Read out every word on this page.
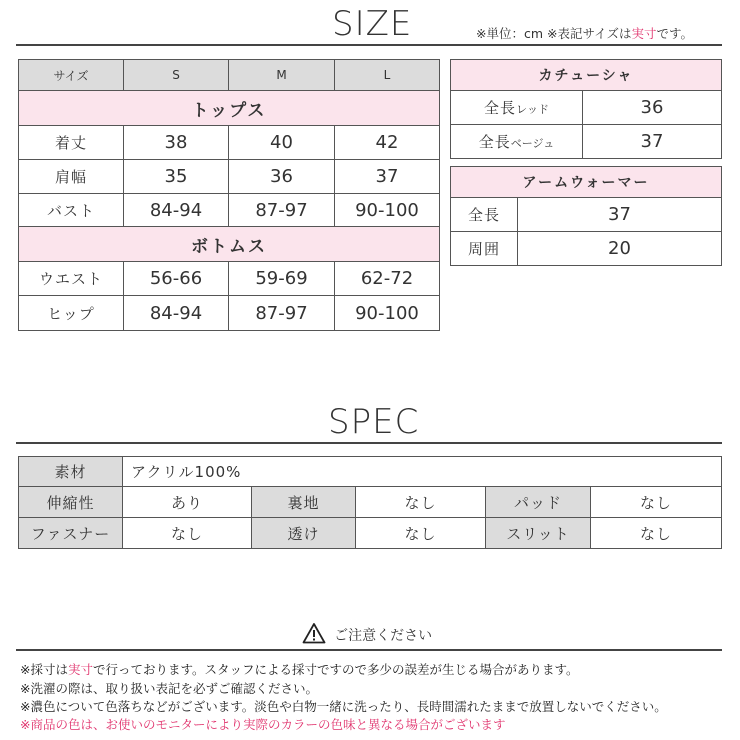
SIZE	※単位：cm ※表記サイズは実寸です。
サイズ	S	M	L
トップス			
着丈	38	40	42
肩幅	35	36	37
バスト	84-94	87-97	90-100
ボトムス			
ウエスト	56-66	59-69	62-72
ヒップ	84-94	87-97	90-100
カチューシャ	
全長レッド	36
全長ベージュ	37
アームウォーマー	
全長	37
周囲	20
SPEC
素材	アクリル100%				
伸縮性	あり	裏地	なし	パッド	なし
ファスナー	なし	透け	なし	スリット	なし
ご注意ください
※採寸は実寸で行っております。スタッフによる採寸ですので多少の誤差が生じる場合があります。
※洗濯の際は、取り扱い表記を必ずご確認ください。
※濃色について色落ちなどがございます。淡色や白物一緒に洗ったり、長時間濡れたままで放置しないでください。
※商品の色は、お使いのモニターにより実際のカラーの色味と異なる場合がございます
